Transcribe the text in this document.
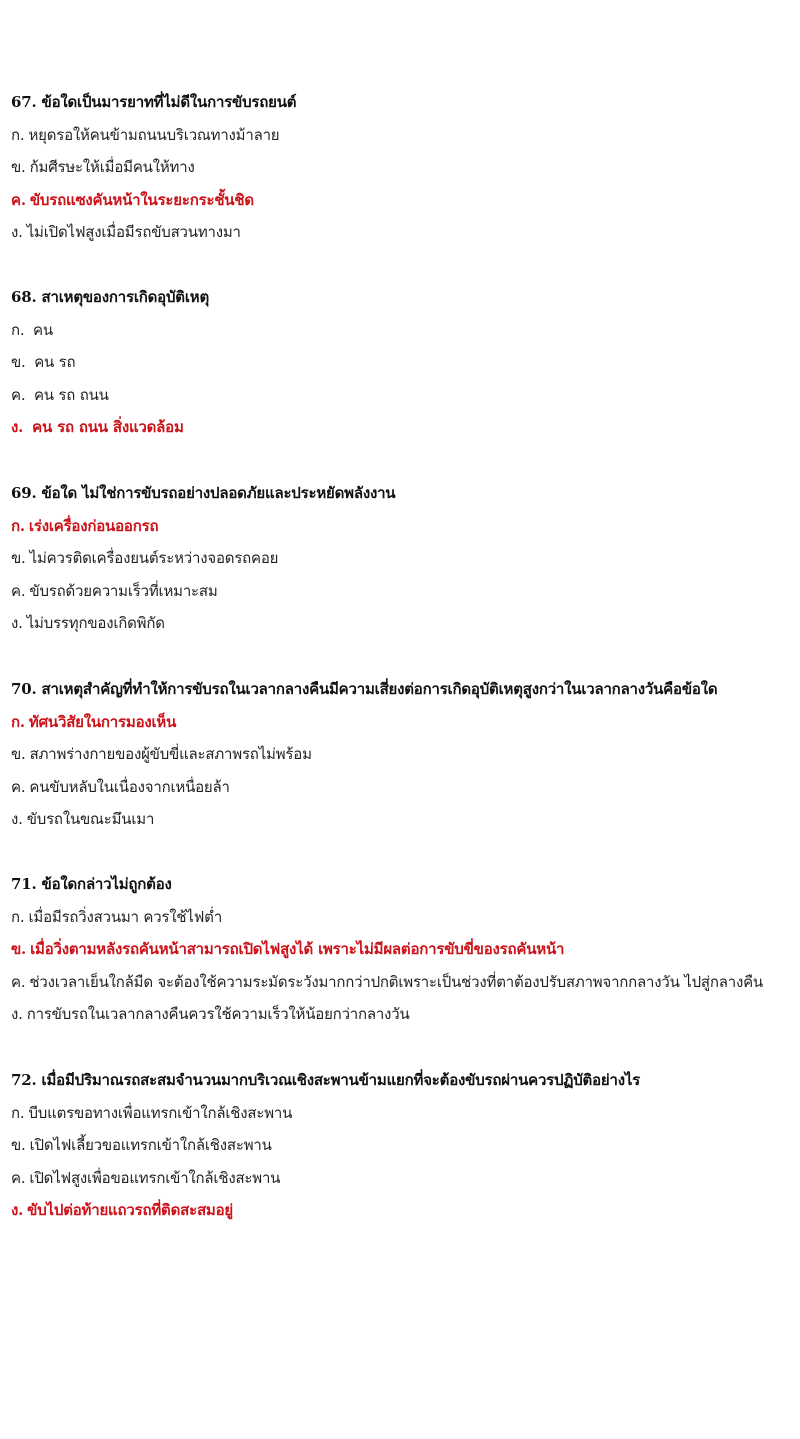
67. ข้อใดเป็นมารยาทที่ไม่ดีในการขับรถยนต์
ก. หยุดรอให้คนข้ามถนนบริเวณทางม้าลาย
ข. ก้มศีรษะให้เมื่อมีคนให้ทาง
ค. ขับรถแซงคันหน้าในระยะกระชั้นชิด
ง. ไม่เปิดไฟสูงเมื่อมีรถขับสวนทางมา
68. สาเหตุของการเกิดอุบัติเหตุ
ก. คน
ข. คน รถ
ค. คน รถ ถนน
ง. คน รถ ถนน สิ่งแวดล้อม
69. ข้อใด ไม่ใช่การขับรถอย่างปลอดภัยและประหยัดพลังงาน
ก. เร่งเครื่องก่อนออกรถ
ข. ไม่ควรติดเครื่องยนต์ระหว่างจอดรถคอย
ค. ขับรถด้วยความเร็วที่เหมาะสม
ง. ไม่บรรทุกของเกิดพิกัด
70. สาเหตุสำคัญที่ทำให้การขับรถในเวลากลางคืนมีความเสี่ยงต่อการเกิดอุบัติเหตุสูงกว่าในเวลากลางวันคือข้อใด
ก. ทัศนวิสัยในการมองเห็น
ข. สภาพร่างกายของผู้ขับขี่และสภาพรถไม่พร้อม
ค. คนขับหลับในเนื่องจากเหนื่อยล้า
ง. ขับรถในขณะมึนเมา
71. ข้อใดกล่าวไม่ถูกต้อง
ก. เมื่อมีรถวิ่งสวนมา ควรใช้ไฟต่ำ
ข. เมื่อวิ่งตามหลังรถคันหน้าสามารถเปิดไฟสูงได้ เพราะไม่มีผลต่อการขับขี่ของรถคันหน้า
ค. ช่วงเวลาเย็นใกล้มืด จะต้องใช้ความระมัดระวังมากกว่าปกติเพราะเป็นช่วงที่ตาต้องปรับสภาพจากกลางวัน ไปสู่กลางคืน
ง. การขับรถในเวลากลางคืนควรใช้ความเร็วให้น้อยกว่ากลางวัน
72. เมื่อมีปริมาณรถสะสมจำนวนมากบริเวณเชิงสะพานข้ามแยกที่จะต้องขับรถผ่านควรปฏิบัติอย่างไร
ก. บีบแตรขอทางเพื่อแทรกเข้าใกล้เชิงสะพาน
ข. เปิดไฟเลี้ยวขอแทรกเข้าใกล้เชิงสะพาน
ค. เปิดไฟสูงเพื่อขอแทรกเข้าใกล้เชิงสะพาน
ง. ขับไปต่อท้ายแถวรถที่ติดสะสมอยู่
